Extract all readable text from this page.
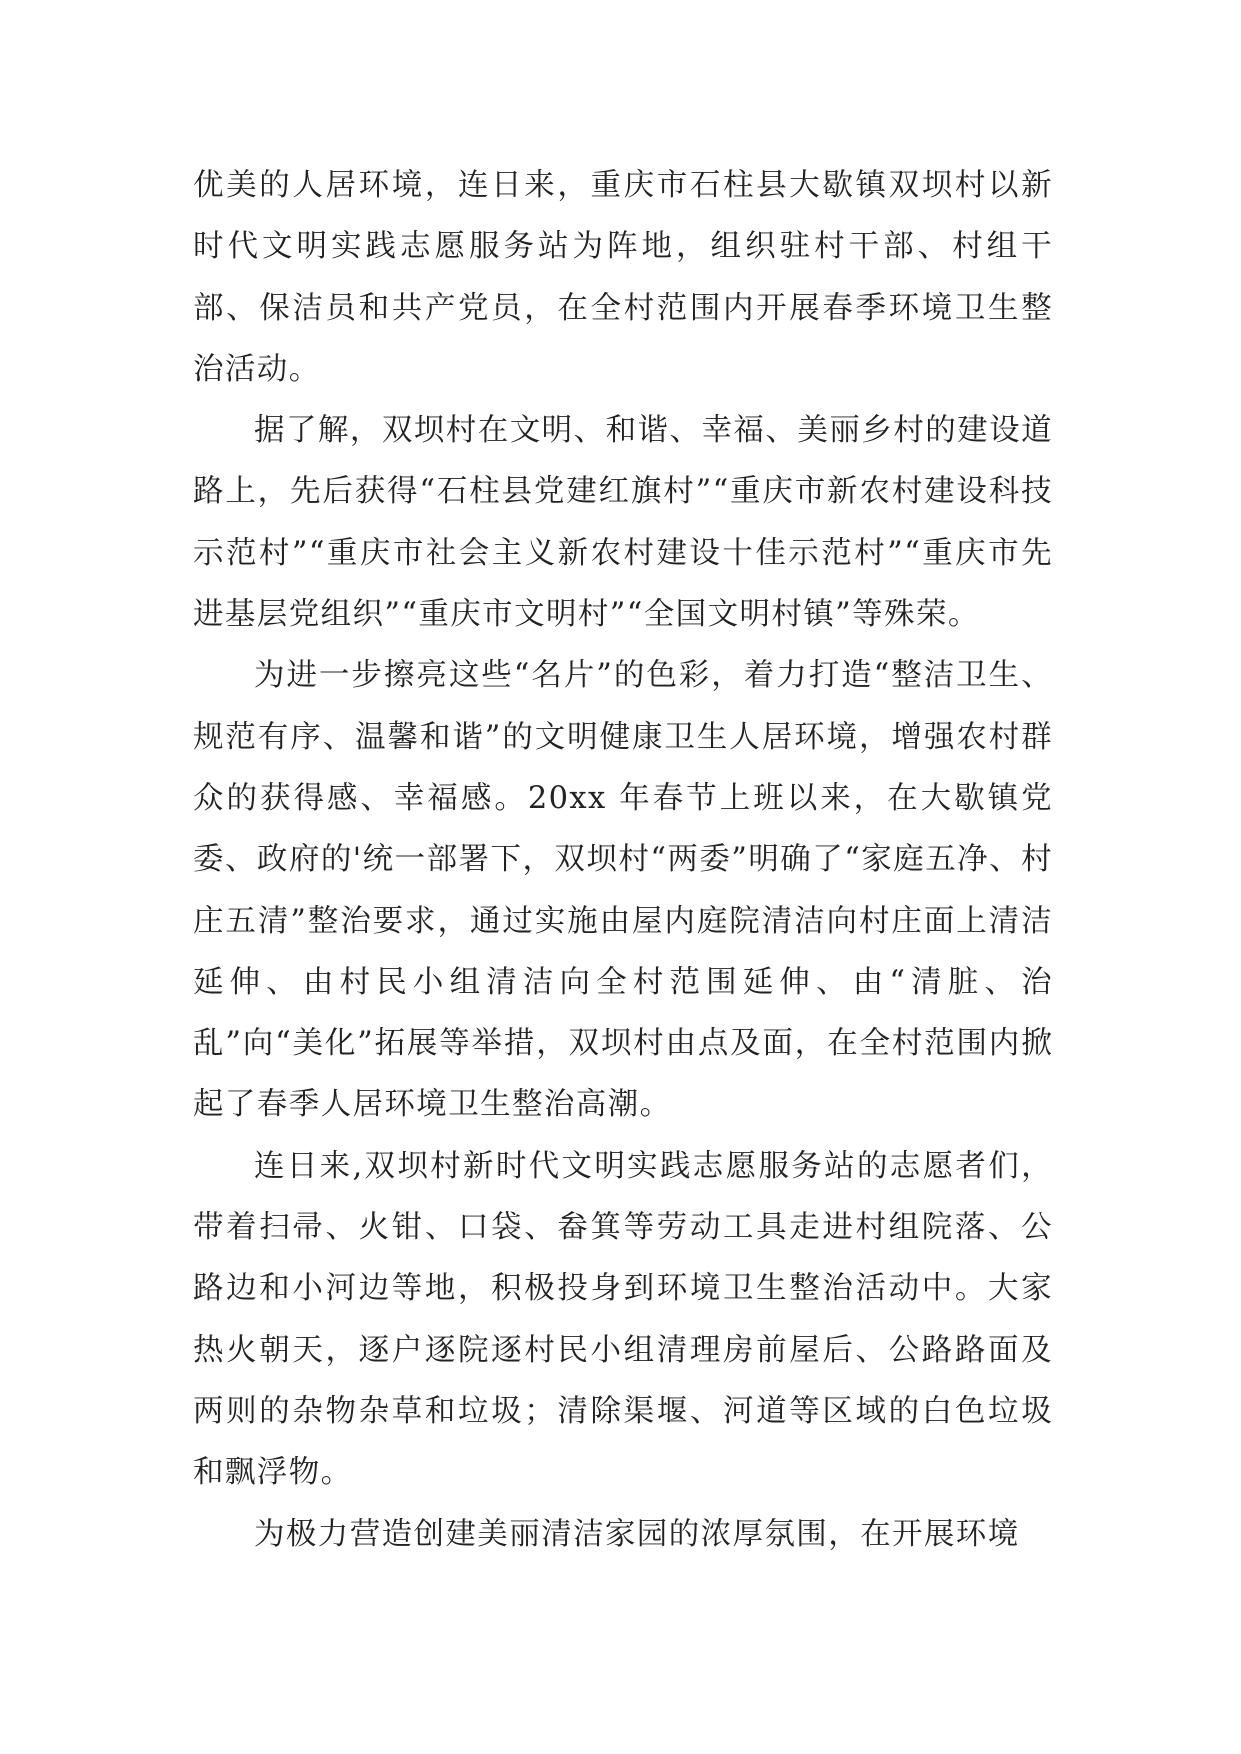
优美的人居环境，连日来，重庆市石柱县大歇镇双坝村以新时代文明实践志愿服务站为阵地，组织驻村干部、村组干部、保洁员和共产党员，在全村范围内开展春季环境卫生整治活动。

据了解，双坝村在文明、和谐、幸福、美丽乡村的建设道路上，先后获得“石柱县党建红旗村”“重庆市新农村建设科技示范村”“重庆市社会主义新农村建设十佳示范村”“重庆市先进基层党组织”“重庆市文明村”“全国文明村镇”等殊荣。

为进一步擦亮这些“名片”的色彩，着力打造“整洁卫生、规范有序、温馨和谐”的文明健康卫生人居环境，增强农村群众的获得感、幸福感。20xx 年春节上班以来，在大歇镇党委、政府的'统一部署下，双坝村“两委”明确了“家庭五净、村庄五清”整治要求，通过实施由屋内庭院清洁向村庄面上清洁延伸、由村民小组清洁向全村范围延伸、由“清脏、治乱”向“美化”拓展等举措，双坝村由点及面，在全村范围内掀起了春季人居环境卫生整治高潮。

连日来,双坝村新时代文明实践志愿服务站的志愿者们，带着扫帚、火钳、口袋、畚箕等劳动工具走进村组院落、公路边和小河边等地，积极投身到环境卫生整治活动中。大家热火朝天，逐户逐院逐村民小组清理房前屋后、公路路面及两则的杂物杂草和垃圾；清除渠堰、河道等区域的白色垃圾和飘浮物。

为极力营造创建美丽清洁家园的浓厚氛围，在开展环境
